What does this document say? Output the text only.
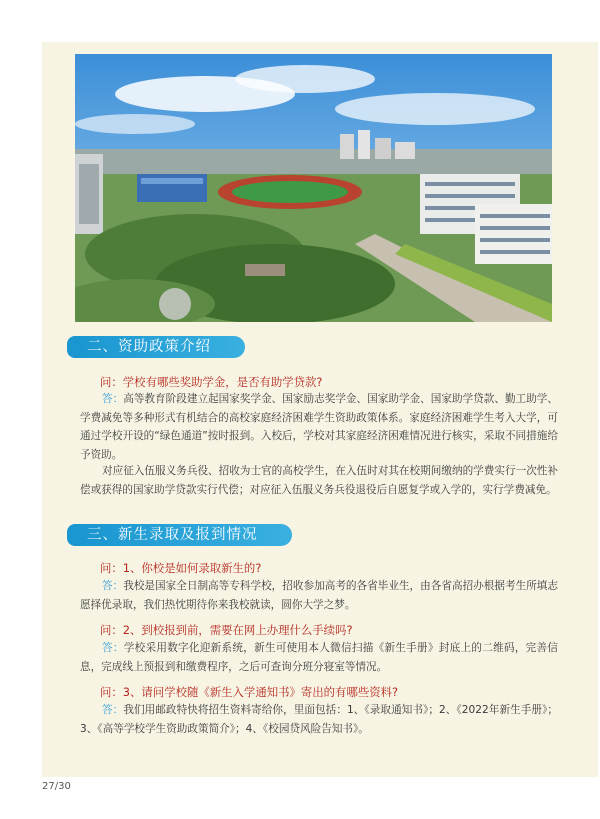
二、资助政策介绍
问：学校有哪些奖助学金，是否有助学贷款?
答：高等教育阶段建立起国家奖学金、国家励志奖学金、国家助学金、国家助学贷款、勤工助学、学费减免等多种形式有机结合的高校家庭经济困难学生资助政策体系。家庭经济困难学生考入大学，可通过学校开设的“绿色通道”按时报到。入校后，学校对其家庭经济困难情况进行核实，采取不同措施给予资助。
对应征入伍服义务兵役、招收为士官的高校学生，在入伍时对其在校期间缴纳的学费实行一次性补偿或获得的国家助学贷款实行代偿；对应征入伍服义务兵役退役后自愿复学或入学的，实行学费减免。
三、新生录取及报到情况
问：1、你校是如何录取新生的?
答：我校是国家全日制高等专科学校，招收参加高考的各省毕业生，由各省高招办根据考生所填志愿择优录取，我们热忱期待你来我校就读，圆你大学之梦。
问：2、到校报到前，需要在网上办理什么手续吗?
答：学校采用数字化迎新系统，新生可使用本人微信扫描《新生手册》封底上的二维码，完善信息，完成线上预报到和缴费程序，之后可查询分班分寝室等情况。
问：3、请问学校随《新生入学通知书》寄出的有哪些资料?
答：我们用邮政特快将招生资料寄给你，里面包括：1、《录取通知书》；2、《2022年新生手册》；3、《高等学校学生资助政策简介》；4、《校园贷风险告知书》。
27/30
